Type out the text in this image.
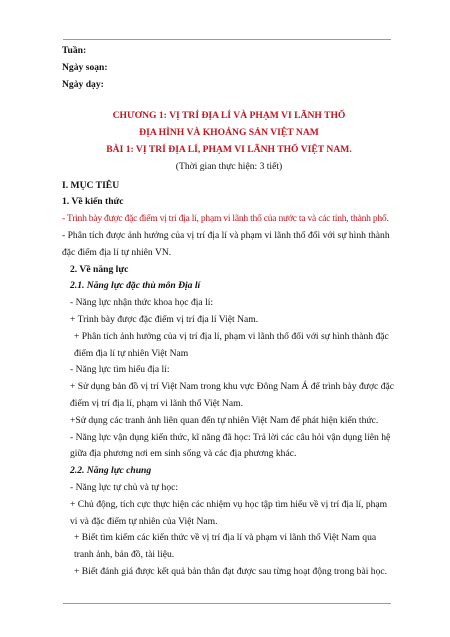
Tuần:
Ngày soạn:
Ngày dạy:
CHƯƠNG 1: VỊ TRÍ ĐỊA LÍ VÀ PHẠM VI LÃNH THỔ
ĐỊA HÌNH VÀ KHOÁNG SẢN VIỆT NAM
BÀI 1: VỊ TRÍ ĐỊA LÍ, PHẠM VI LÃNH THỔ VIỆT NAM.
(Thời gian thực hiện: 3 tiết)
I. MỤC TIÊU
1. Về kiến thức
- Trình bày được đặc điểm vị trí địa lí, phạm vi lãnh thổ của nước ta và các tỉnh, thành phố.
- Phân tích được ảnh hưởng của vị trí địa lí và phạm vi lãnh thổ đối với sự hình thành đặc điểm địa lí tự nhiên VN.
2. Về năng lực
2.1. Năng lực đặc thù môn Địa lí
- Năng lực nhận thức khoa học địa lí:
+ Trình bày được đặc điểm vị trí địa lí Việt Nam.
+ Phân tích ảnh hưởng của vị trí địa lí, phạm vi lãnh thổ đối với sự hình thành đặc điểm địa lí tự nhiên Việt Nam
- Năng lực tìm hiểu địa lí:
+ Sử dụng bản đồ vị trí Việt Nam trong khu vực Đông Nam Á để trình bày được đặc điểm vị trí địa lí, phạm vi lãnh thổ Việt Nam.
+Sử dụng các tranh ảnh liên quan đến tự nhiên Việt Nam để phát hiện kiến thức.
- Năng lực vận dụng kiến thức, kĩ năng đã học: Trả lời các câu hỏi vận dụng liên hệ giữa địa phương nơi em sinh sống và các địa phương khác.
2.2. Năng lực chung
- Năng lực tự chủ và tự học:
+ Chủ động, tích cực thực hiện các nhiệm vụ học tập tìm hiểu về vị trí địa lí, phạm vi và đặc điểm tự nhiên của Việt Nam.
+ Biết tìm kiếm các kiến thức về vị trí địa lí và phạm vi lãnh thổ Việt Nam qua tranh ảnh, bản đồ, tài liệu.
+ Biết đánh giá được kết quả bản thân đạt được sau từng hoạt động trong bài học.
